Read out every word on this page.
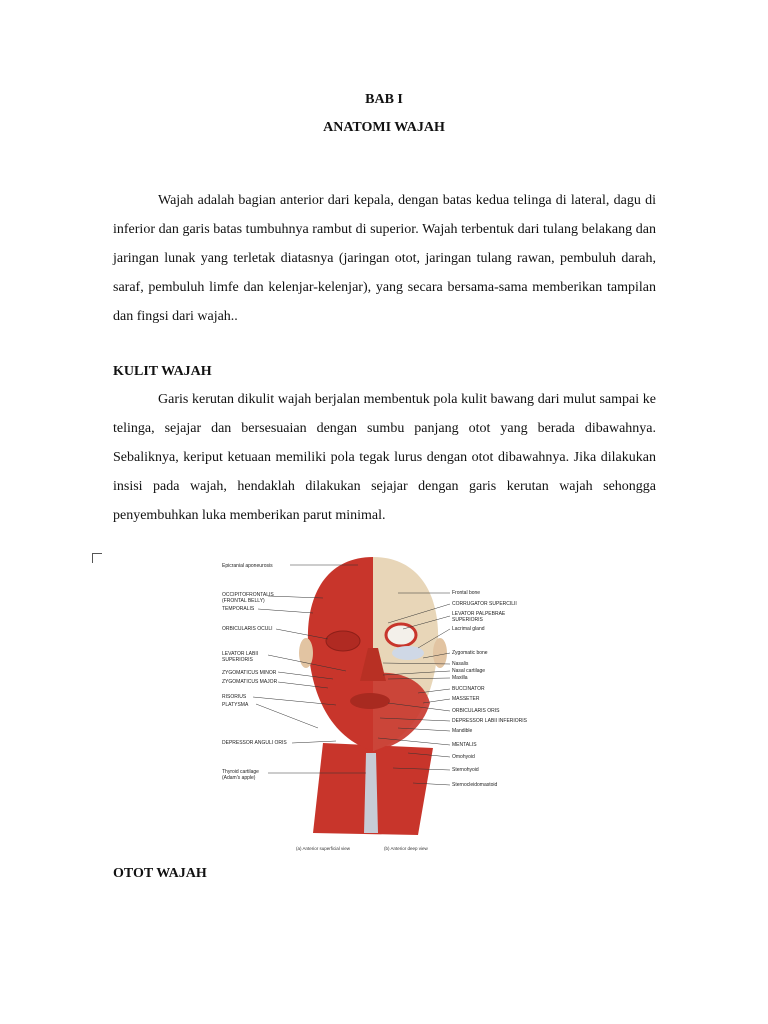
BAB I
ANATOMI WAJAH

Wajah adalah bagian anterior dari kepala, dengan batas kedua telinga di lateral, dagu di inferior dan garis batas tumbuhnya rambut di superior. Wajah terbentuk dari tulang belakang dan jaringan lunak yang terletak diatasnya (jaringan otot, jaringan tulang rawan, pembuluh darah, saraf, pembuluh limfe dan kelenjar-kelenjar), yang secara bersama-sama memberikan tampilan dan fingsi dari wajah..

KULIT WAJAH

Garis kerutan dikulit wajah berjalan membentuk pola kulit bawang dari mulut sampai ke telinga, sejajar dan bersesuaian dengan sumbu panjang otot yang berada dibawahnya. Sebaliknya, keriput ketuaan memiliki pola tegak lurus dengan otot dibawahnya. Jika dilakukan insisi pada wajah, hendaklah dilakukan sejajar dengan garis kerutan wajah sehongga penyembuhkan luka memberikan parut minimal.

Epicranial aponeurosis
OCCIPITOFRONTALIS
(FRONTAL BELLY)
TEMPORALIS
ORBICULARIS OCULI
LEVATOR LABII
SUPERIORIS
ZYGOMATICUS MINOR
ZYGOMATICUS MAJOR
RISORIUS
PLATYSMA
DEPRESSOR ANGULI ORIS
Thyroid cartilage
(Adam's apple)
Frontal bone
CORRUGATOR SUPERCILII
LEVATOR PALPEBRAE
SUPERIORIS
Lacrimal gland
Zygomatic bone
Nasalis
Nasal cartilage
Maxilla
BUCCINATOR
MASSETER
ORBICULARIS ORIS
DEPRESSOR LABII INFERIORIS
Mandible
MENTALIS
Omohyoid
Sternohyoid
Sternocleidomastoid
(a) Anterior superficial view	(b) Anterior deep view
OTOT WAJAH
